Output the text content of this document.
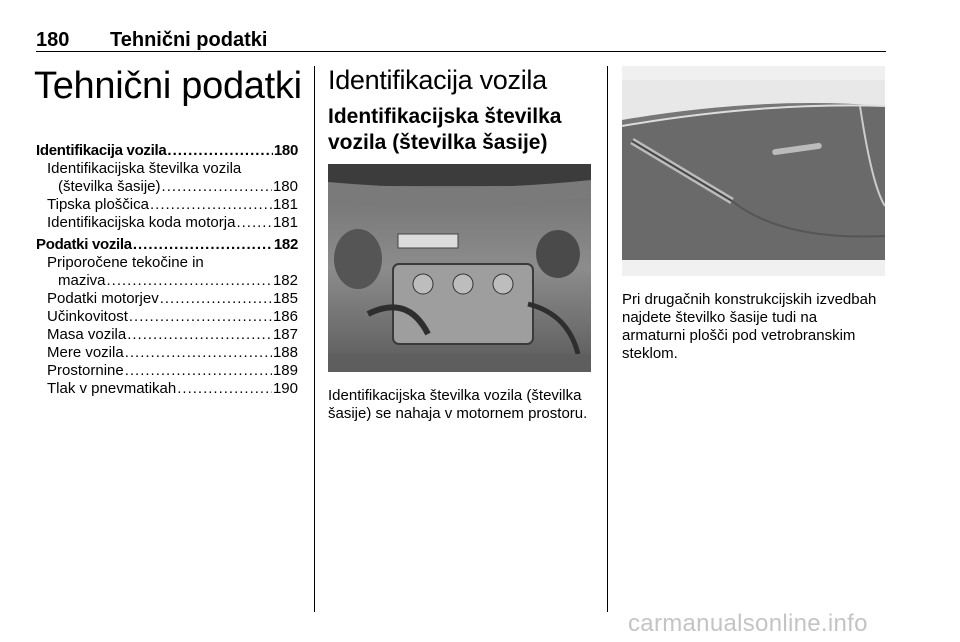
180 Tehnični podatki
Tehnični podatki
Identifikacija vozila .....	180
Identifikacijska številka vozila
(številka šasije) .....	180
Tipska ploščica .....	181
Identifikacijska koda motorja .....	181
Podatki vozila .....	182
Priporočene tekočine in
maziva .....	182
Podatki motorjev .....	185
Učinkovitost .....	186
Masa vozila .....	187
Mere vozila .....	188
Prostornine .....	189
Tlak v pnevmatikah .....	190
Identifikacija vozila
Identifikacijska številka vozila (številka šasije)
Identifikacijska številka vozila (številka šasije) se nahaja v motornem prostoru.
Pri drugačnih konstrukcijskih izvedbah najdete številko šasije tudi na armaturni plošči pod vetrobranskim steklom.
carmanualsonline.info
